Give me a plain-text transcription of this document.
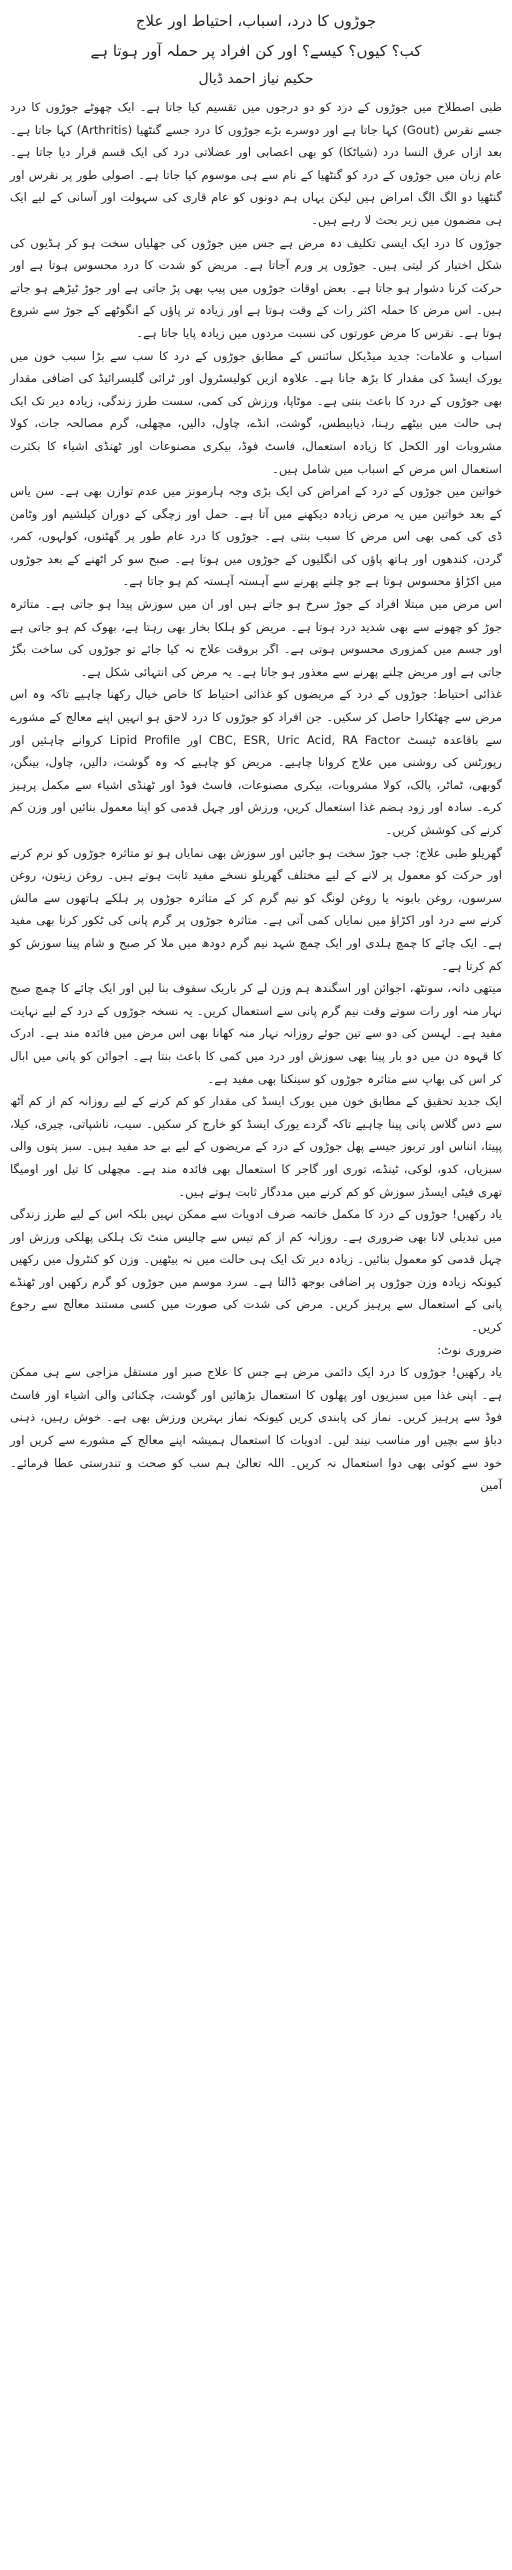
جوڑوں کا درد، اسباب، احتیاط اور علاج
کب؟ کیوں؟ کیسے؟ اور کن افراد پر حملہ آور ہوتا ہے
حکیم نیاز احمد ڈیال

طبی اصطلاح میں جوڑوں کے درد کو دو درجوں میں تقسیم کیا جاتا ہے۔ ایک چھوٹے جوڑوں کا درد جسے نقرس (Gout) کہا جاتا ہے اور دوسرے بڑے جوڑوں کا درد جسے گنٹھیا (Arthritis) کہا جاتا ہے۔ بعد ازاں عرق النسا درد (شیاٹکا) کو بھی اعصابی اور عضلاتی درد کی ایک قسم قرار دیا جاتا ہے۔ عام زبان میں جوڑوں کے درد کو گنٹھیا کے نام سے ہی موسوم کیا جاتا ہے۔ اصولی طور پر نقرس اور گنٹھیا دو الگ الگ امراض ہیں لیکن یہاں ہم دونوں کو عام قاری کی سہولت اور آسانی کے لیے ایک ہی مضمون میں زیر بحث لا رہے ہیں۔

جوڑوں کا درد ایک ایسی تکلیف دہ مرض ہے جس میں جوڑوں کی جھلیاں سخت ہو کر ہڈیوں کی شکل اختیار کر لیتی ہیں۔ جوڑوں پر ورم آجاتا ہے۔ مریض کو شدت کا درد محسوس ہوتا ہے اور حرکت کرنا دشوار ہو جاتا ہے۔ بعض اوقات جوڑوں میں پیپ بھی پڑ جاتی ہے اور جوڑ ٹیڑھے ہو جاتے ہیں۔ اس مرض کا حملہ اکثر رات کے وقت ہوتا ہے اور زیادہ تر پاؤں کے انگوٹھے کے جوڑ سے شروع ہوتا ہے۔ نقرس کا مرض عورتوں کی نسبت مردوں میں زیادہ پایا جاتا ہے۔

اسباب و علامات: جدید میڈیکل سائنس کے مطابق جوڑوں کے درد کا سب سے بڑا سبب خون میں یورک ایسڈ کی مقدار کا بڑھ جانا ہے۔ علاوہ ازیں کولیسٹرول اور ٹرائی گلیسرائیڈ کی اضافی مقدار بھی جوڑوں کے درد کا باعث بنتی ہے۔ موٹاپا، ورزش کی کمی، سست طرز زندگی، زیادہ دیر تک ایک ہی حالت میں بیٹھے رہنا، ذیابیطس، گوشت، انڈے، چاول، دالیں، مچھلی، گرم مصالحہ جات، کولا مشروبات اور الکحل کا زیادہ استعمال، فاسٹ فوڈ، بیکری مصنوعات اور ٹھنڈی اشیاء کا بکثرت استعمال اس مرض کے اسباب میں شامل ہیں۔

خواتین میں جوڑوں کے درد کے امراض کی ایک بڑی وجہ ہارمونز میں عدم توازن بھی ہے۔ سن یاس کے بعد خواتین میں یہ مرض زیادہ دیکھنے میں آتا ہے۔ حمل اور زچگی کے دوران کیلشیم اور وٹامن ڈی کی کمی بھی اس مرض کا سبب بنتی ہے۔ جوڑوں کا درد عام طور پر گھٹنوں، کولہوں، کمر، گردن، کندھوں اور ہاتھ پاؤں کی انگلیوں کے جوڑوں میں ہوتا ہے۔ صبح سو کر اٹھنے کے بعد جوڑوں میں اکڑاؤ محسوس ہوتا ہے جو چلنے پھرنے سے آہستہ آہستہ کم ہو جاتا ہے۔

اس مرض میں مبتلا افراد کے جوڑ سرخ ہو جاتے ہیں اور ان میں سوزش پیدا ہو جاتی ہے۔ متاثرہ جوڑ کو چھونے سے بھی شدید درد ہوتا ہے۔ مریض کو ہلکا بخار بھی رہتا ہے، بھوک کم ہو جاتی ہے اور جسم میں کمزوری محسوس ہوتی ہے۔ اگر بروقت علاج نہ کیا جائے تو جوڑوں کی ساخت بگڑ جاتی ہے اور مریض چلنے پھرنے سے معذور ہو جاتا ہے۔ یہ مرض کی انتہائی شکل ہے۔

غذائی احتیاط: جوڑوں کے درد کے مریضوں کو غذائی احتیاط کا خاص خیال رکھنا چاہیے تاکہ وہ اس مرض سے چھٹکارا حاصل کر سکیں۔ جن افراد کو جوڑوں کا درد لاحق ہو انہیں اپنے معالج کے مشورے سے باقاعدہ ٹیسٹ CBC, ESR, Uric Acid, RA Factor اور Lipid Profile کروانے چاہئیں اور رپورٹس کی روشنی میں علاج کروانا چاہیے۔ مریض کو چاہیے کہ وہ گوشت، دالیں، چاول، بینگن، گوبھی، ٹماٹر، پالک، کولا مشروبات، بیکری مصنوعات، فاسٹ فوڈ اور ٹھنڈی اشیاء سے مکمل پرہیز کرے۔ سادہ اور زود ہضم غذا استعمال کریں، ورزش اور چہل قدمی کو اپنا معمول بنائیں اور وزن کم کرنے کی کوشش کریں۔

گھریلو طبی علاج: جب جوڑ سخت ہو جائیں اور سوزش بھی نمایاں ہو تو متاثرہ جوڑوں کو نرم کرنے اور حرکت کو معمول پر لانے کے لیے مختلف گھریلو نسخے مفید ثابت ہوتے ہیں۔ روغن زیتون، روغن سرسوں، روغن بابونہ یا روغن لونگ کو نیم گرم کر کے متاثرہ جوڑوں پر ہلکے ہاتھوں سے مالش کرنے سے درد اور اکڑاؤ میں نمایاں کمی آتی ہے۔ متاثرہ جوڑوں پر گرم پانی کی ٹکور کرنا بھی مفید ہے۔ ایک چائے کا چمچ ہلدی اور ایک چمچ شہد نیم گرم دودھ میں ملا کر صبح و شام پینا سوزش کو کم کرتا ہے۔

میتھی دانہ، سونٹھ، اجوائن اور اسگندھ ہم وزن لے کر باریک سفوف بنا لیں اور ایک چائے کا چمچ صبح نہار منہ اور رات سوتے وقت نیم گرم پانی سے استعمال کریں۔ یہ نسخہ جوڑوں کے درد کے لیے نہایت مفید ہے۔ لہسن کی دو سے تین جوئے روزانہ نہار منہ کھانا بھی اس مرض میں فائدہ مند ہے۔ ادرک کا قہوہ دن میں دو بار پینا بھی سوزش اور درد میں کمی کا باعث بنتا ہے۔ اجوائن کو پانی میں ابال کر اس کی بھاپ سے متاثرہ جوڑوں کو سینکنا بھی مفید ہے۔

ایک جدید تحقیق کے مطابق خون میں یورک ایسڈ کی مقدار کو کم کرنے کے لیے روزانہ کم از کم آٹھ سے دس گلاس پانی پینا چاہیے تاکہ گردے یورک ایسڈ کو خارج کر سکیں۔ سیب، ناشپاتی، چیری، کیلا، پپیتا، انناس اور تربوز جیسے پھل جوڑوں کے درد کے مریضوں کے لیے بے حد مفید ہیں۔ سبز پتوں والی سبزیاں، کدو، لوکی، ٹینڈے، توری اور گاجر کا استعمال بھی فائدہ مند ہے۔ مچھلی کا تیل اور اومیگا تھری فیٹی ایسڈز سوزش کو کم کرنے میں مددگار ثابت ہوتے ہیں۔

یاد رکھیں! جوڑوں کے درد کا مکمل خاتمہ صرف ادویات سے ممکن نہیں بلکہ اس کے لیے طرز زندگی میں تبدیلی لانا بھی ضروری ہے۔ روزانہ کم از کم تیس سے چالیس منٹ تک ہلکی پھلکی ورزش اور چہل قدمی کو معمول بنائیں۔ زیادہ دیر تک ایک ہی حالت میں نہ بیٹھیں۔ وزن کو کنٹرول میں رکھیں کیونکہ زیادہ وزن جوڑوں پر اضافی بوجھ ڈالتا ہے۔ سرد موسم میں جوڑوں کو گرم رکھیں اور ٹھنڈے پانی کے استعمال سے پرہیز کریں۔ مرض کی شدت کی صورت میں کسی مستند معالج سے رجوع کریں۔

ضروری نوٹ:

یاد رکھیں! جوڑوں کا درد ایک دائمی مرض ہے جس کا علاج صبر اور مستقل مزاجی سے ہی ممکن ہے۔ اپنی غذا میں سبزیوں اور پھلوں کا استعمال بڑھائیں اور گوشت، چکنائی والی اشیاء اور فاسٹ فوڈ سے پرہیز کریں۔ نماز کی پابندی کریں کیونکہ نماز بہترین ورزش بھی ہے۔ خوش رہیں، ذہنی دباؤ سے بچیں اور مناسب نیند لیں۔ ادویات کا استعمال ہمیشہ اپنے معالج کے مشورے سے کریں اور خود سے کوئی بھی دوا استعمال نہ کریں۔ اللہ تعالیٰ ہم سب کو صحت و تندرستی عطا فرمائے۔ آمین
